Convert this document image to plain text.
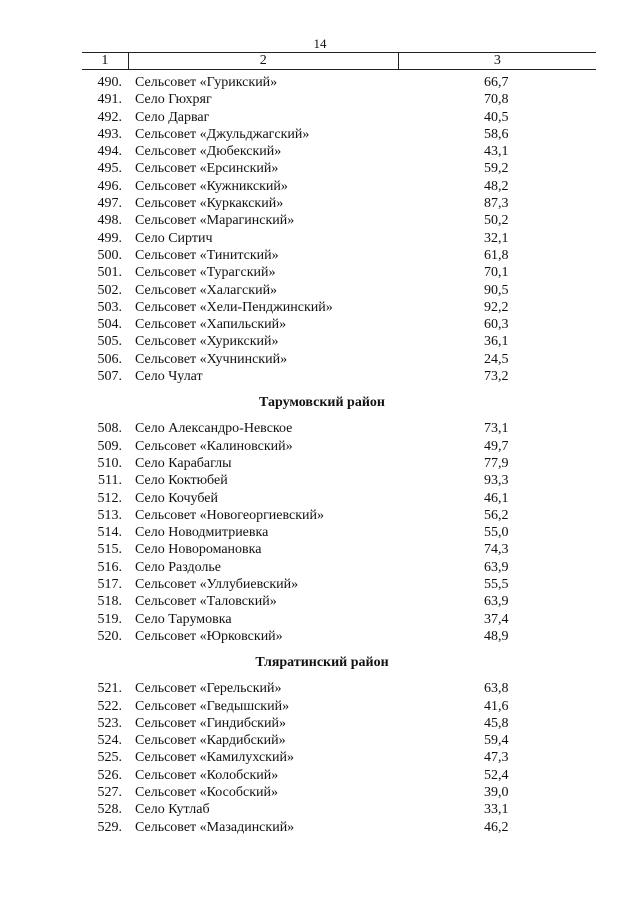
14
1	2	3
490. Сельсовет «Гурикский»	66,7
491. Село Гюхряг	70,8
492. Село Дарваг	40,5
493. Сельсовет «Джульджагский»	58,6
494. Сельсовет «Дюбекский»	43,1
495. Сельсовет «Ерсинский»	59,2
496. Сельсовет «Кужникский»	48,2
497. Сельсовет «Куркакский»	87,3
498. Сельсовет «Марагинский»	50,2
499. Село Сиртич	32,1
500. Сельсовет «Тинитский»	61,8
501. Сельсовет «Турагский»	70,1
502. Сельсовет «Халагский»	90,5
503. Сельсовет «Хели-Пенджинский»	92,2
504. Сельсовет «Хапильский»	60,3
505. Сельсовет «Хурикский»	36,1
506. Сельсовет «Хучнинский»	24,5
507. Село Чулат	73,2
Тарумовский район
508. Село Александро-Невское	73,1
509. Сельсовет «Калиновский»	49,7
510. Село Карабаглы	77,9
511. Село Коктюбей	93,3
512. Село Кочубей	46,1
513. Сельсовет «Новогеоргиевский»	56,2
514. Село Новодмитриевка	55,0
515. Село Новоромановка	74,3
516. Село Раздолье	63,9
517. Сельсовет «Уллубиевский»	55,5
518. Сельсовет «Таловский»	63,9
519. Село Тарумовка	37,4
520. Сельсовет «Юрковский»	48,9
Тляратинский район
521. Сельсовет «Герельский»	63,8
522. Сельсовет «Гведышский»	41,6
523. Сельсовет «Гиндибский»	45,8
524. Сельсовет «Кардибский»	59,4
525. Сельсовет «Камилухский»	47,3
526. Сельсовет «Колобский»	52,4
527. Сельсовет «Кособский»	39,0
528. Село Кутлаб	33,1
529. Сельсовет «Мазадинский»	46,2
